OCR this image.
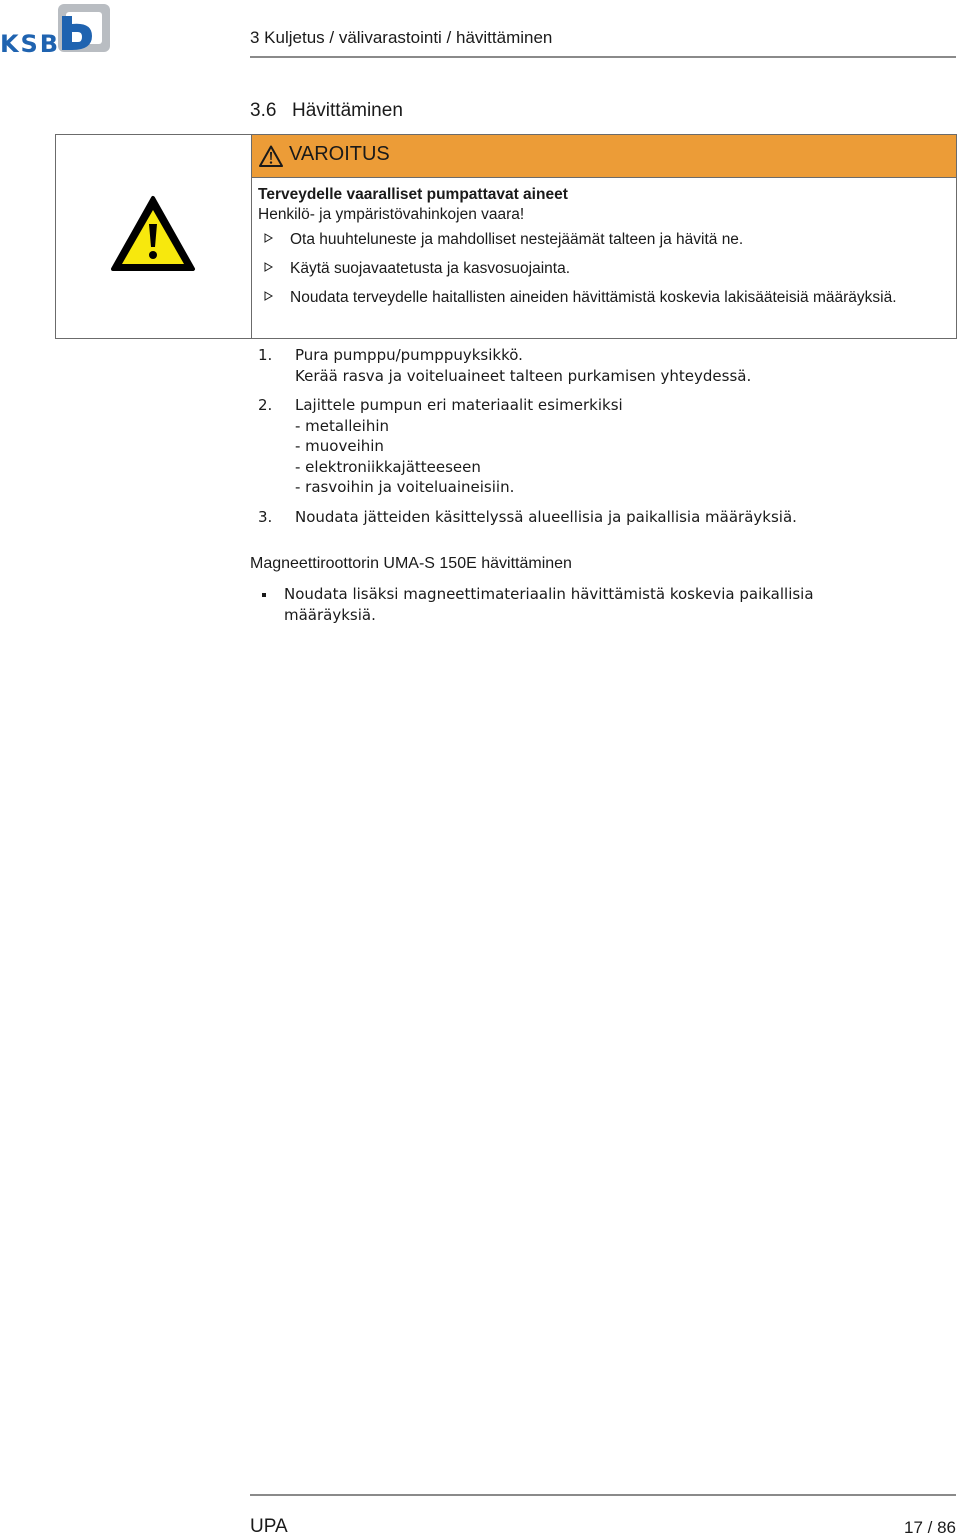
KSB	3 Kuljetus / välivarastointi / hävittäminen
3.6 Hävittäminen
VAROITUS
Terveydelle vaaralliset pumpattavat aineet
Henkilö- ja ympäristövahinkojen vaara!
Ota huuhteluneste ja mahdolliset nestejäämät talteen ja hävitä ne.
Käytä suojavaatetusta ja kasvosuojainta.
Noudata terveydelle haitallisten aineiden hävittämistä koskevia lakisääteisiä määräyksiä.
1. Pura pumppu/pumppuyksikkö.
Kerää rasva ja voiteluaineet talteen purkamisen yhteydessä.
2. Lajittele pumpun eri materiaalit esimerkiksi
- metalleihin
- muoveihin
- elektroniikkajätteeseen
- rasvoihin ja voiteluaineisiin.
3. Noudata jätteiden käsittelyssä alueellisia ja paikallisia määräyksiä.
Magneettiroottorin UMA-S 150E hävittäminen
Noudata lisäksi magneettimateriaalin hävittämistä koskevia paikallisia määräyksiä.
UPA	17 / 86
